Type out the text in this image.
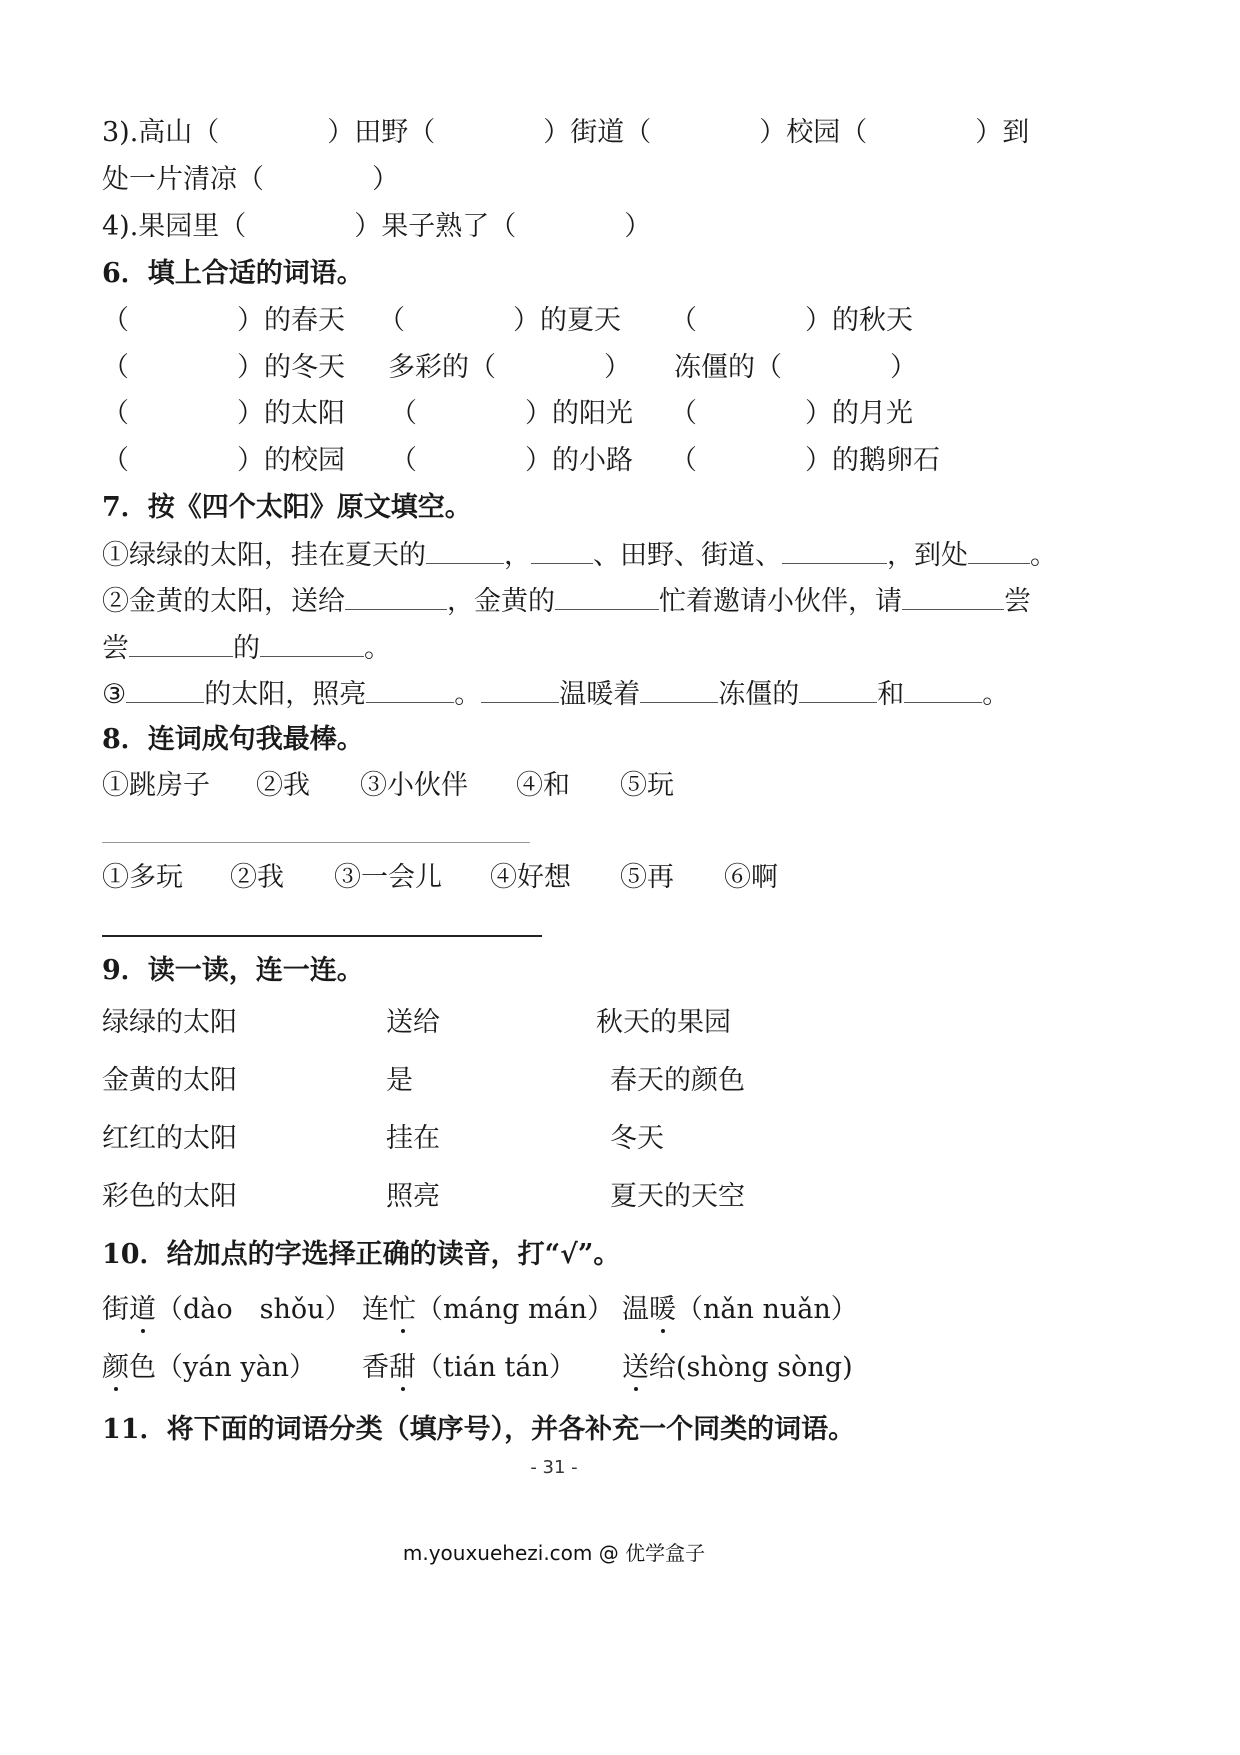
3).高山（　　　　）田野（　　　　）街道（　　　　）校园（　　　　）到
处一片清凉（　　　　）
4).果园里（　　　　）果子熟了（　　　　）
6．填上合适的词语。
（　　　　）的春天 （　　　　）的夏天 （　　　　）的秋天
（　　　　）的冬天 多彩的（　　　　） 冻僵的（　　　　）
（　　　　）的太阳 （　　　　）的阳光 （　　　　）的月光
（　　　　）的校园 （　　　　）的小路 （　　　　）的鹅卵石
7．按《四个太阳》原文填空。
①绿绿的太阳，挂在夏天的	， 、田野、街道、	，到处 。
②金黄的太阳，送给	，金黄的	忙着邀请小伙伴，请	尝
尝	的	。
③	的太阳，照亮	。	温暖着	冻僵的	和	。
8．连词成句我最棒。
①跳房子 ②我 ③小伙伴 ④和 ⑤玩
①多玩 ②我 ③一会儿 ④好想 ⑤再 ⑥啊
9．读一读，连一连。
绿绿的太阳	送给	秋天的果园
金黄的太阳	是	春天的颜色
红红的太阳	挂在	冬天
彩色的太阳	照亮	夏天的天空
10．给加点的字选择正确的读音，打“√”。
街道（dào　shǒu） 连忙（máng mán） 温暖（nǎn nuǎn）
颜色（yán yàn） 香甜（tián tán） 送给(shòng sòng)
11．将下面的词语分类（填序号），并各补充一个同类的词语。
- 31 -
m.youxuehezi.com @ 优学盒子
